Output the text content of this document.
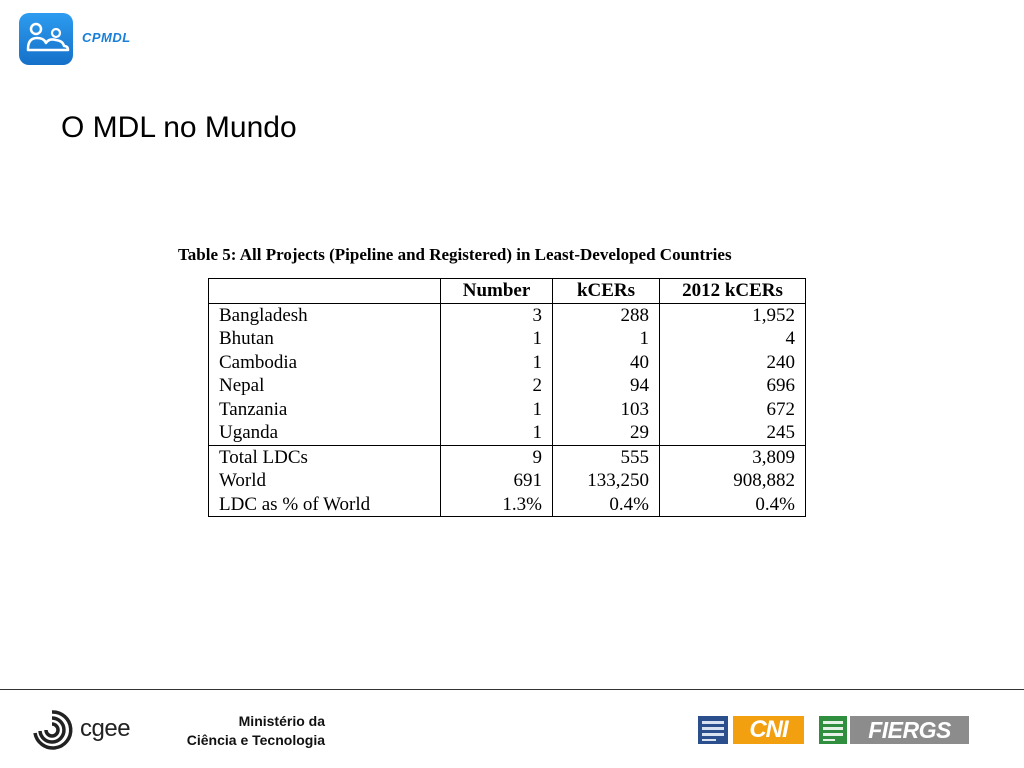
CPMDL
O MDL no Mundo
Table 5: All Projects (Pipeline and Registered) in Least-Developed Countries
	Number	kCERs	2012 kCERs
Bangladesh	3	288	1,952
Bhutan	1	1	4
Cambodia	1	40	240
Nepal	2	94	696
Tanzania	1	103	672
Uganda	1	29	245
Total LDCs	9	555	3,809
World	691	133,250	908,882
LDC as % of World	1.3%	0.4%	0.4%
cgee	Ministério da
Ciência e Tecnologia	CNI	FIERGS
